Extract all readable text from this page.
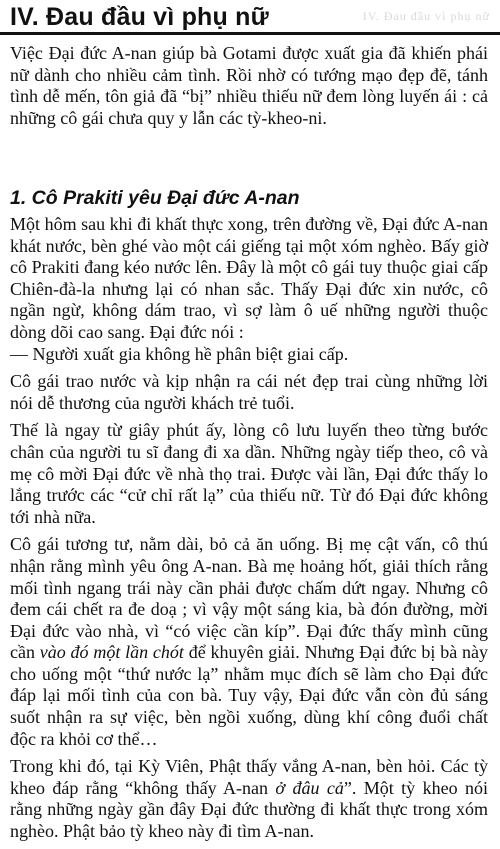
IV. Đau đầu vì phụ nữ
IV. Đau đầu vì phụ nữ

Việc Đại đức A-nan giúp bà Gotami được xuất gia đã khiến phái nữ dành cho nhiều cảm tình. Rồi nhờ có tướng mạo đẹp đẽ, tánh tình dễ mến, tôn giả đã “bị” nhiều thiếu nữ đem lòng luyến ái : cả những cô gái chưa quy y lẫn các tỳ-kheo-ni.

1. Cô Prakiti yêu Đại đức A-nan

Một hôm sau khi đi khất thực xong, trên đường về, Đại đức A-nan khát nước, bèn ghé vào một cái giếng tại một xóm nghèo. Bấy giờ cô Prakiti đang kéo nước lên. Đây là một cô gái tuy thuộc giai cấp Chiên-đà-la nhưng lại có nhan sắc. Thấy Đại đức xin nước, cô ngần ngừ, không dám trao, vì sợ làm ô uế những người thuộc dòng dõi cao sang. Đại đức nói :

— Người xuất gia không hề phân biệt giai cấp.

Cô gái trao nước và kịp nhận ra cái nét đẹp trai cùng những lời nói dễ thương của người khách trẻ tuổi.

Thế là ngay từ giây phút ấy, lòng cô lưu luyến theo từng bước chân của người tu sĩ đang đi xa dần. Những ngày tiếp theo, cô và mẹ cô mời Đại đức về nhà thọ trai. Được vài lần, Đại đức thấy lo lắng trước các “cử chỉ rất lạ” của thiếu nữ. Từ đó Đại đức không tới nhà nữa.

Cô gái tương tư, nằm dài, bỏ cả ăn uống. Bị mẹ cật vấn, cô thú nhận rằng mình yêu ông A-nan. Bà mẹ hoảng hốt, giải thích rằng mối tình ngang trái này cần phải được chấm dứt ngay. Nhưng cô đem cái chết ra đe doạ ; vì vậy một sáng kia, bà đón đường, mời Đại đức vào nhà, vì “có việc cần kíp”. Đại đức thấy mình cũng cần vào đó một lần chót để khuyên giải. Nhưng Đại đức bị bà này cho uống một “thứ nước lạ” nhằm mục đích sẽ làm cho Đại đức đáp lại mối tình của con bà. Tuy vậy, Đại đức vẫn còn đủ sáng suốt nhận ra sự việc, bèn ngồi xuống, dùng khí công đuổi chất độc ra khỏi cơ thể…

Trong khi đó, tại Kỳ Viên, Phật thấy vắng A-nan, bèn hỏi. Các tỳ kheo đáp rằng “không thấy A-nan ở đâu cả”. Một tỳ kheo nói rằng những ngày gần đây Đại đức thường đi khất thực trong xóm nghèo. Phật bảo tỳ kheo này đi tìm A-nan.
